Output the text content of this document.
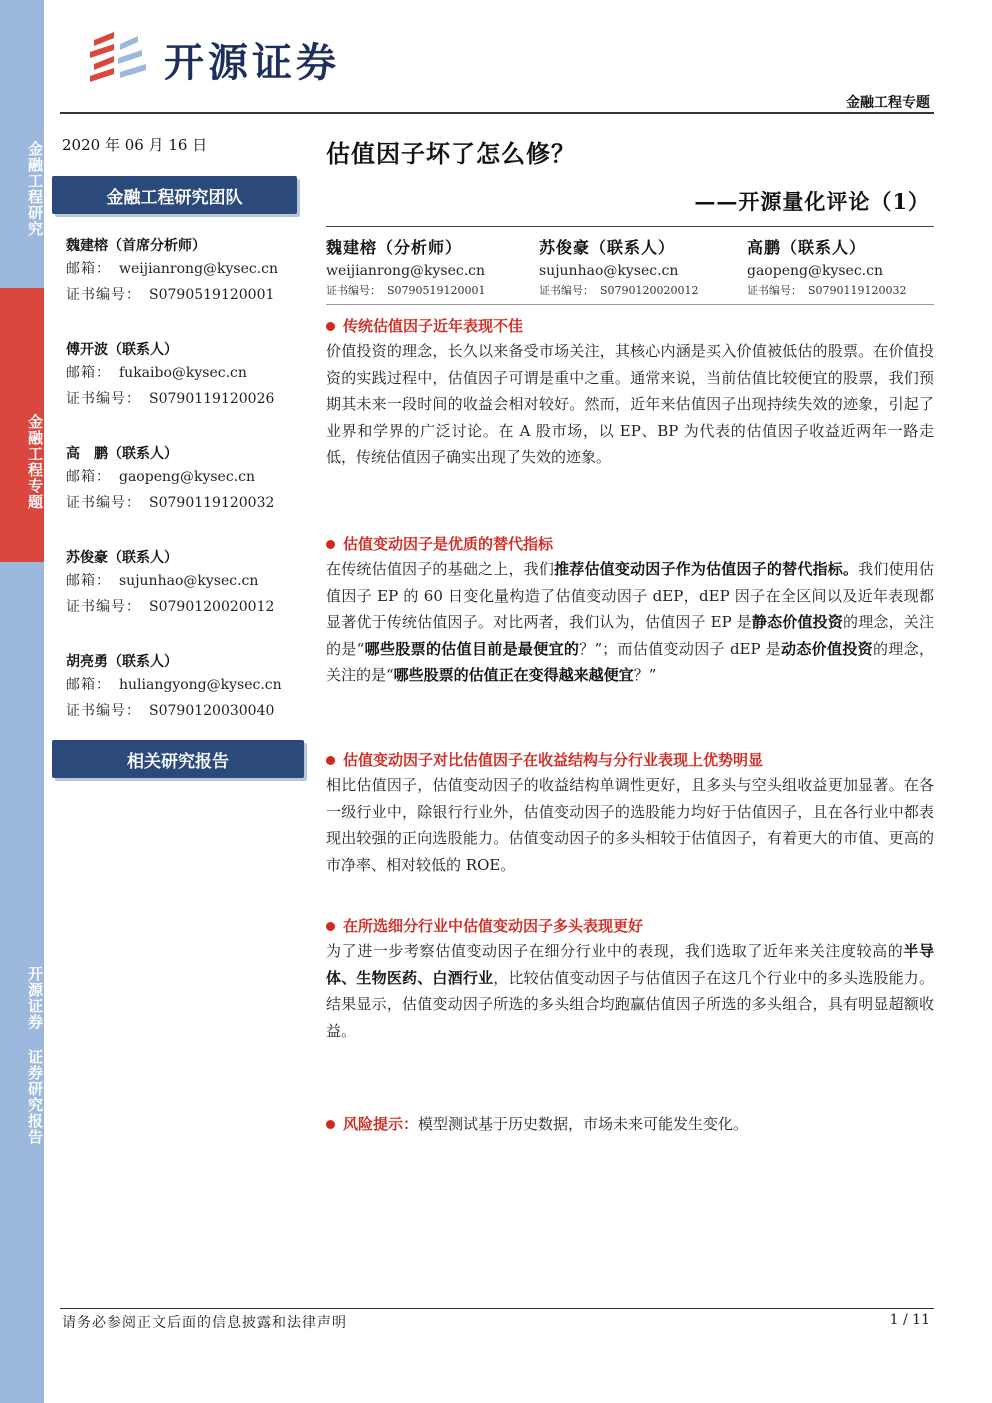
金融工程研究
金融工程专题
开源证券 证券研究报告
开源证券
金融工程专题
2020 年 06 月 16 日
金融工程研究团队
魏建榕（首席分析师）
邮箱： weijianrong@kysec.cn
证书编号： S0790519120001
傅开波（联系人）
邮箱： fukaibo@kysec.cn
证书编号： S0790119120026
高　鹏（联系人）
邮箱： gaopeng@kysec.cn
证书编号： S0790119120032
苏俊豪（联系人）
邮箱： sujunhao@kysec.cn
证书编号： S0790120020012
胡亮勇（联系人）
邮箱： huliangyong@kysec.cn
证书编号： S0790120030040
相关研究报告
估值因子坏了怎么修？
——开源量化评论（1）
魏建榕（分析师）
weijianrong@kysec.cn
证书编号： S0790519120001
苏俊豪（联系人）
sujunhao@kysec.cn
证书编号： S0790120020012
高鹏（联系人）
gaopeng@kysec.cn
证书编号： S0790119120032
传统估值因子近年表现不佳
价值投资的理念，长久以来备受市场关注，其核心内涵是买入价值被低估的股票。在价值投资的实践过程中，估值因子可谓是重中之重。通常来说，当前估值比较便宜的股票，我们预期其未来一段时间的收益会相对较好。然而，近年来估值因子出现持续失效的迹象，引起了业界和学界的广泛讨论。在 A 股市场，以 EP、BP 为代表的估值因子收益近两年一路走低，传统估值因子确实出现了失效的迹象。
估值变动因子是优质的替代指标
在传统估值因子的基础之上，我们推荐估值变动因子作为估值因子的替代指标。我们使用估值因子 EP 的 60 日变化量构造了估值变动因子 dEP，dEP 因子在全区间以及近年表现都显著优于传统估值因子。对比两者，我们认为，估值因子 EP 是静态价值投资的理念，关注的是“哪些股票的估值目前是最便宜的？”；而估值变动因子 dEP 是动态价值投资的理念，关注的是“哪些股票的估值正在变得越来越便宜？”
估值变动因子对比估值因子在收益结构与分行业表现上优势明显
相比估值因子，估值变动因子的收益结构单调性更好，且多头与空头组收益更加显著。在各一级行业中，除银行行业外，估值变动因子的选股能力均好于估值因子，且在各行业中都表现出较强的正向选股能力。估值变动因子的多头相较于估值因子，有着更大的市值、更高的市净率、相对较低的 ROE。
在所选细分行业中估值变动因子多头表现更好
为了进一步考察估值变动因子在细分行业中的表现，我们选取了近年来关注度较高的半导体、生物医药、白酒行业，比较估值变动因子与估值因子在这几个行业中的多头选股能力。结果显示，估值变动因子所选的多头组合均跑赢估值因子所选的多头组合，具有明显超额收益。
风险提示： 模型测试基于历史数据，市场未来可能发生变化。
请务必参阅正文后面的信息披露和法律声明	1 / 11
